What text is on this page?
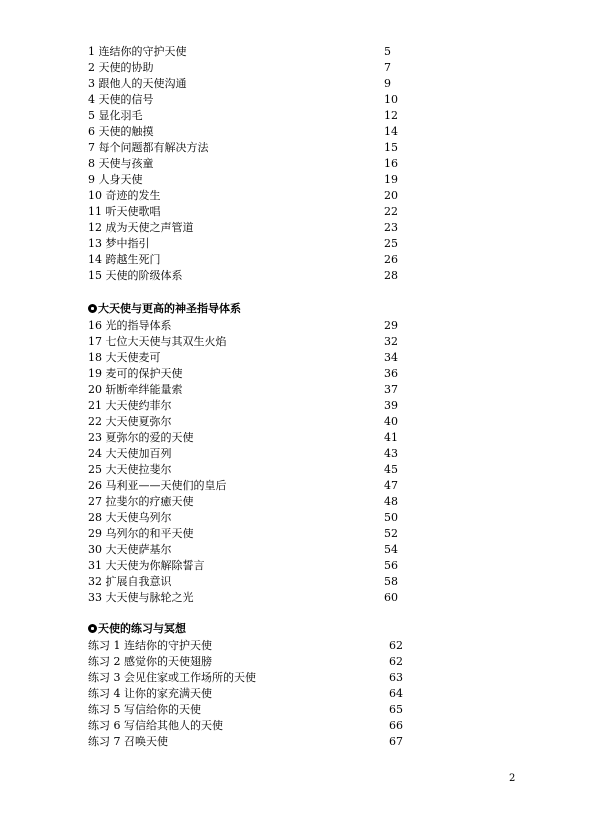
1 连结你的守护天使	5
2 天使的协助	7
3 跟他人的天使沟通	9
4 天使的信号	10
5 显化羽毛	12
6 天使的触摸	14
7 每个问题都有解决方法	15
8 天使与孩童	16
9 人身天使	19
10 奇迹的发生	20
11 听天使歌唱	22
12 成为天使之声管道	23
13 梦中指引	25
14 跨越生死门	26
15 天使的阶级体系	28
大天使与更高的神圣指导体系
16 光的指导体系	29
17 七位大天使与其双生火焰	32
18 大天使麦可	34
19 麦可的保护天使	36
20 斩断牵绊能量索	37
21 大天使约菲尔	39
22 大天使夏弥尔	40
23 夏弥尔的爱的天使	41
24 大天使加百列	43
25 大天使拉斐尔	45
26 马利亚——天使们的皇后	47
27 拉斐尔的疗癒天使	48
28 大天使乌列尔	50
29 乌列尔的和平天使	52
30 大天使萨基尔	54
31 大天使为你解除誓言	56
32 扩展自我意识	58
33 大天使与脉轮之光	60
天使的练习与冥想
练习 1 连结你的守护天使	62
练习 2 感觉你的天使翅膀	62
练习 3 会见住家或工作场所的天使	63
练习 4 让你的家充满天使	64
练习 5 写信给你的天使	65
练习 6 写信给其他人的天使	66
练习 7 召唤天使	67
2
